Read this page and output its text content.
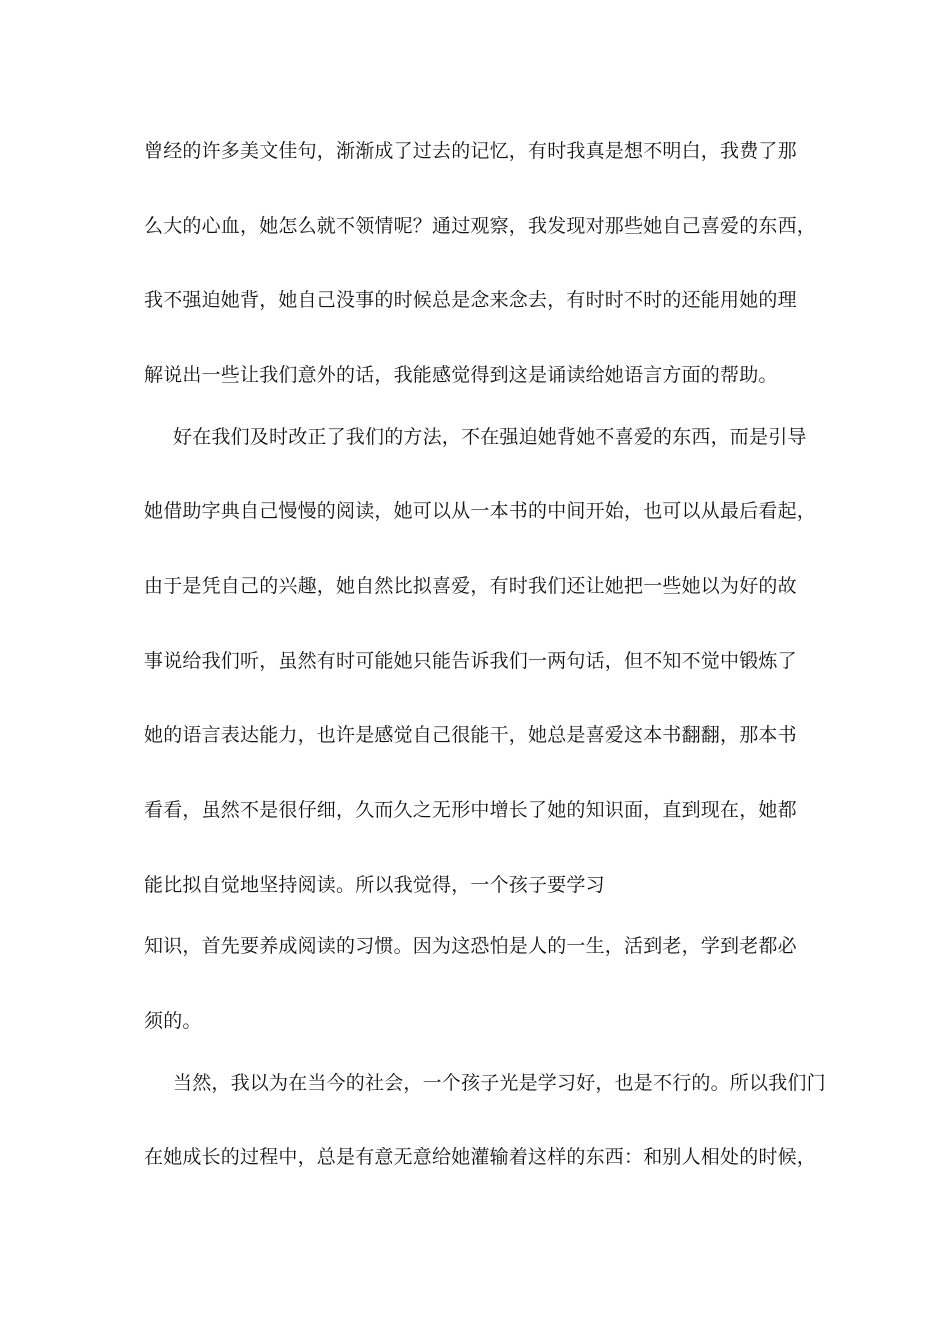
曾经的许多美文佳句，渐渐成了过去的记忆，有时我真是想不明白，我费了那

么大的心血，她怎么就不领情呢？通过观察，我发现对那些她自己喜爱的东西，

我不强迫她背，她自己没事的时候总是念来念去，有时时不时的还能用她的理

解说出一些让我们意外的话，我能感觉得到这是诵读给她语言方面的帮助。

好在我们及时改正了我们的方法，不在强迫她背她不喜爱的东西，而是引导

她借助字典自己慢慢的阅读，她可以从一本书的中间开始，也可以从最后看起，

由于是凭自己的兴趣，她自然比拟喜爱，有时我们还让她把一些她以为好的故

事说给我们听，虽然有时可能她只能告诉我们一两句话，但不知不觉中锻炼了

她的语言表达能力，也许是感觉自己很能干，她总是喜爱这本书翻翻，那本书

看看，虽然不是很仔细，久而久之无形中增长了她的知识面，直到现在，她都

能比拟自觉地坚持阅读。所以我觉得，一个孩子要学习

知识，首先要养成阅读的习惯。因为这恐怕是人的一生，活到老，学到老都必

须的。

当然，我以为在当今的社会，一个孩子光是学习好，也是不行的。所以我们门

在她成长的过程中，总是有意无意给她灌输着这样的东西：和别人相处的时候，
